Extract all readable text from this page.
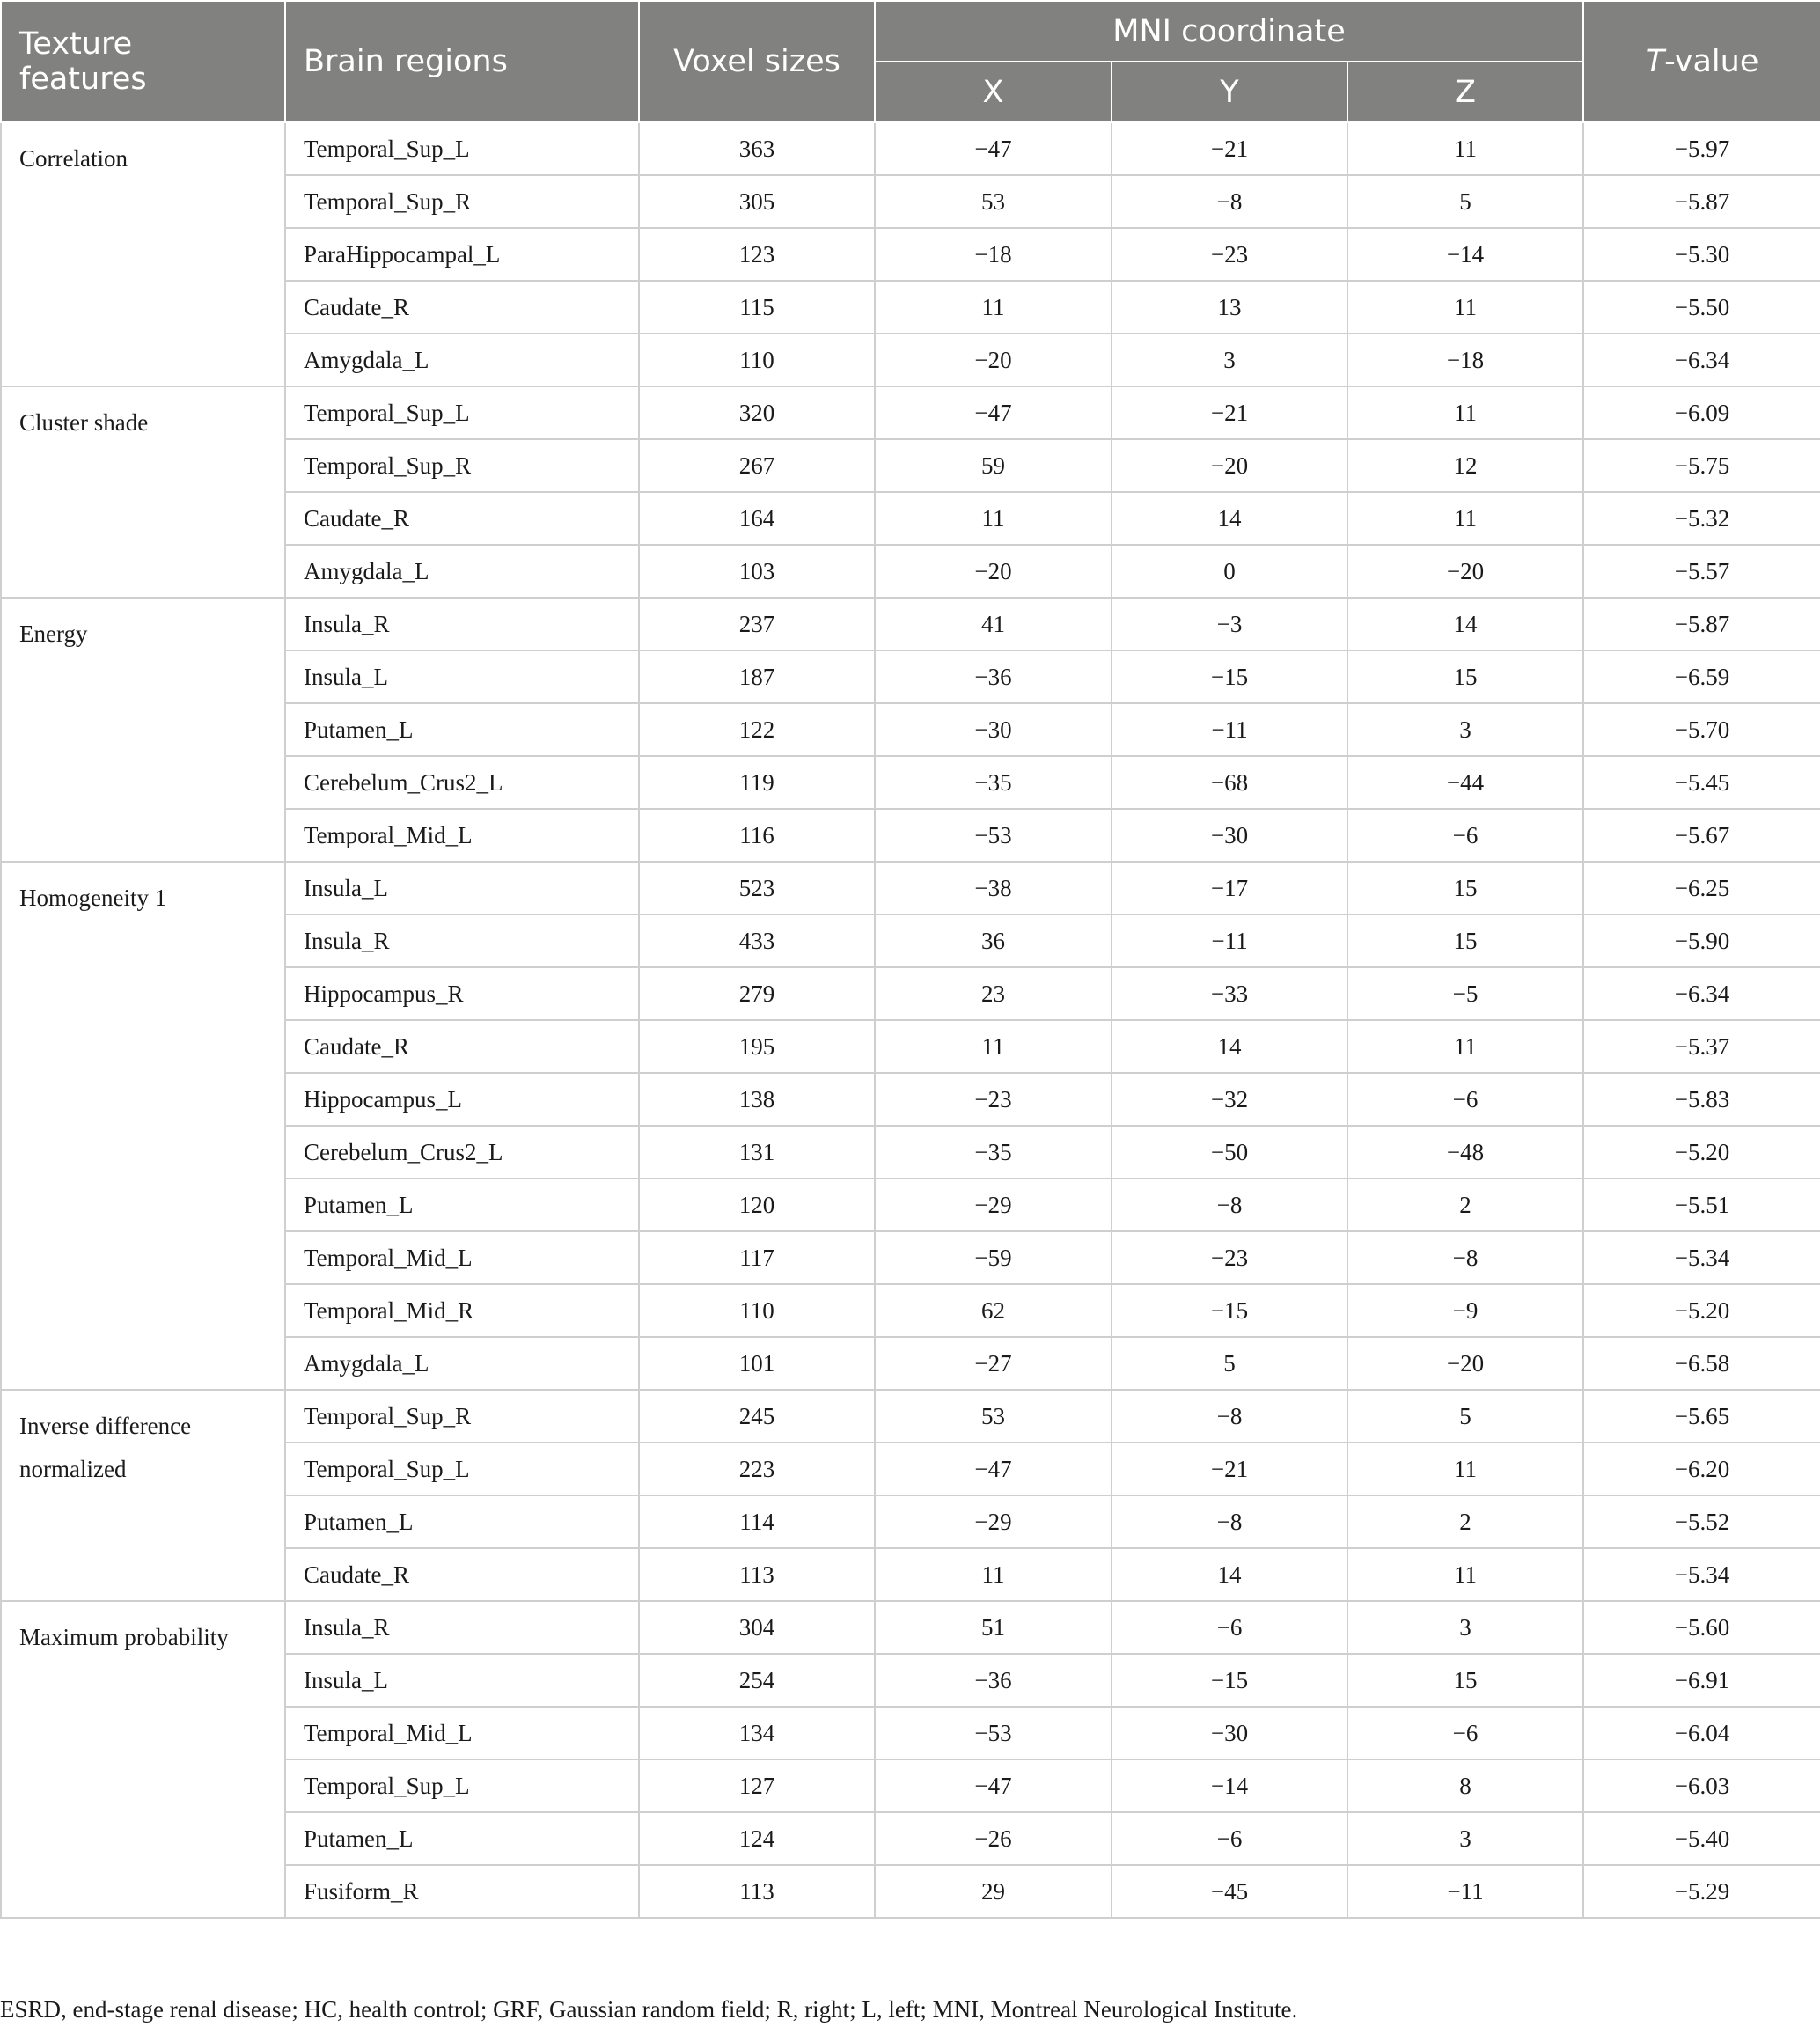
Texture features	Brain regions	Voxel sizes	MNI coordinate			T-value
			X	Y	Z	
Correlation	Temporal_Sup_L	363	−47	−21	11	−5.97
	Temporal_Sup_R	305	53	−8	5	−5.87
	ParaHippocampal_L	123	−18	−23	−14	−5.30
	Caudate_R	115	11	13	11	−5.50
	Amygdala_L	110	−20	3	−18	−6.34
Cluster shade	Temporal_Sup_L	320	−47	−21	11	−6.09
	Temporal_Sup_R	267	59	−20	12	−5.75
	Caudate_R	164	11	14	11	−5.32
	Amygdala_L	103	−20	0	−20	−5.57
Energy	Insula_R	237	41	−3	14	−5.87
	Insula_L	187	−36	−15	15	−6.59
	Putamen_L	122	−30	−11	3	−5.70
	Cerebelum_Crus2_L	119	−35	−68	−44	−5.45
	Temporal_Mid_L	116	−53	−30	−6	−5.67
Homogeneity 1	Insula_L	523	−38	−17	15	−6.25
	Insula_R	433	36	−11	15	−5.90
	Hippocampus_R	279	23	−33	−5	−6.34
	Caudate_R	195	11	14	11	−5.37
	Hippocampus_L	138	−23	−32	−6	−5.83
	Cerebelum_Crus2_L	131	−35	−50	−48	−5.20
	Putamen_L	120	−29	−8	2	−5.51
	Temporal_Mid_L	117	−59	−23	−8	−5.34
	Temporal_Mid_R	110	62	−15	−9	−5.20
	Amygdala_L	101	−27	5	−20	−6.58
Inverse difference normalized	Temporal_Sup_R	245	53	−8	5	−5.65
	Temporal_Sup_L	223	−47	−21	11	−6.20
	Putamen_L	114	−29	−8	2	−5.52
	Caudate_R	113	11	14	11	−5.34
Maximum probability	Insula_R	304	51	−6	3	−5.60
	Insula_L	254	−36	−15	15	−6.91
	Temporal_Mid_L	134	−53	−30	−6	−6.04
	Temporal_Sup_L	127	−47	−14	8	−6.03
	Putamen_L	124	−26	−6	3	−5.40
	Fusiform_R	113	29	−45	−11	−5.29
ESRD, end-stage renal disease; HC, health control; GRF, Gaussian random field; R, right; L, left; MNI, Montreal Neurological Institute.
